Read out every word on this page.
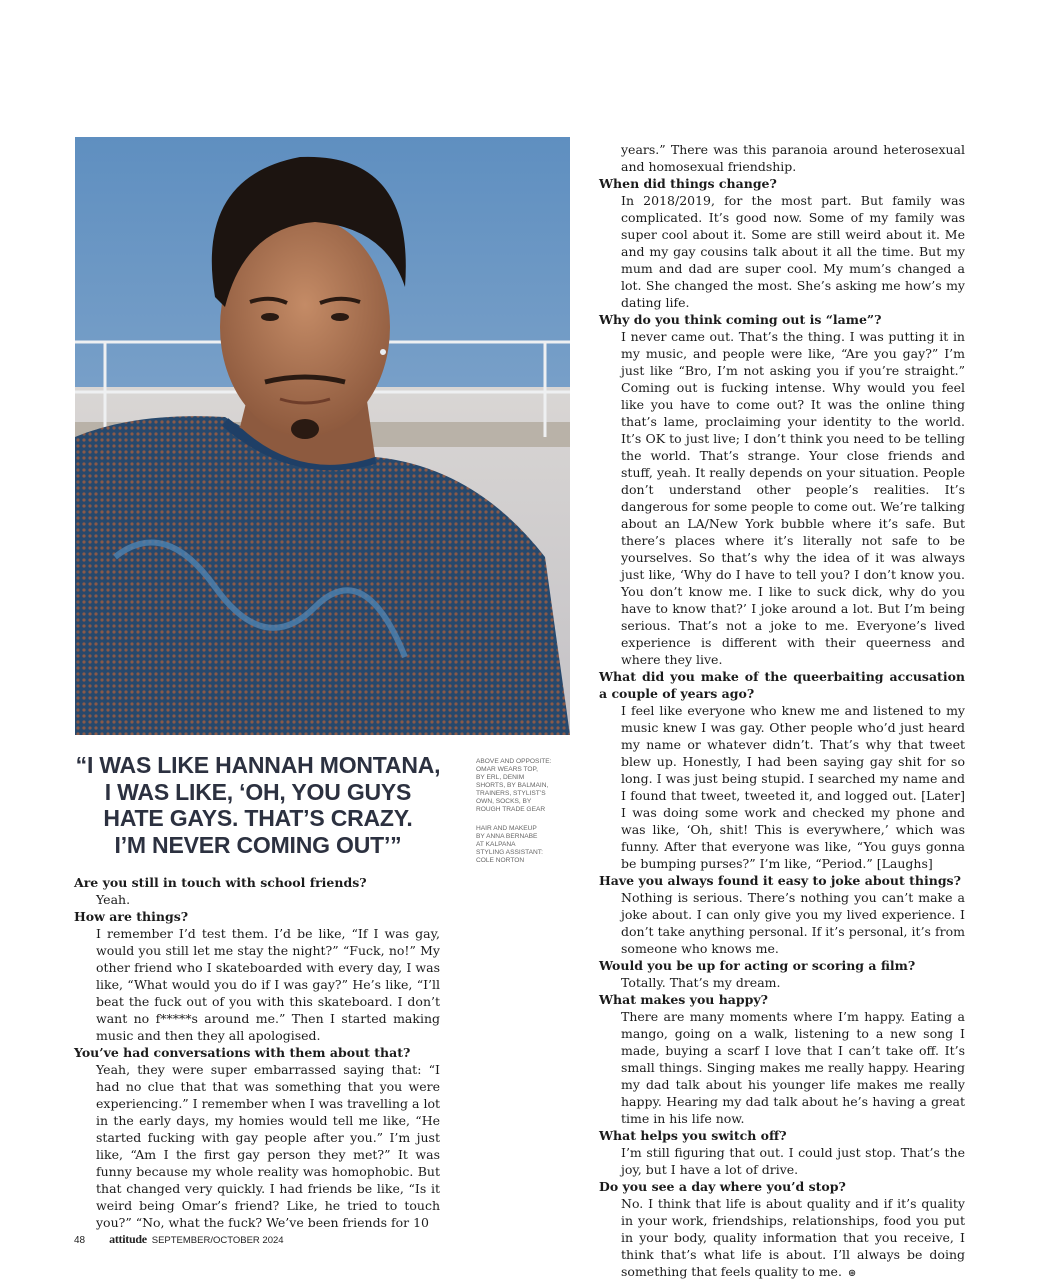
“I WAS LIKE HANNAH MONTANA,
I WAS LIKE, ‘OH, YOU GUYS
HATE GAYS. THAT’S CRAZY.
I’M NEVER COMING OUT’”

ABOVE AND OPPOSITE:
OMAR WEARS TOP,
BY ERL, DENIM
SHORTS, BY BALMAIN,
TRAINERS, STYLIST’S
OWN, SOCKS, BY
ROUGH TRADE GEAR

HAIR AND MAKEUP
BY ANNA BERNABE
AT KALPANA
STYLING ASSISTANT:
COLE NORTON

Are you still in touch with school friends?

Yeah.

How are things?

I remember I’d test them. I’d be like, “If I was gay, would you still let me stay the night?” “Fuck, no!” My other friend who I skateboarded with every day, I was like, “What would you do if I was gay?” He’s like, “I’ll beat the fuck out of you with this skateboard. I don’t want no f*****s around me.” Then I started making music and then they all apologised.

You’ve had conversations with them about that?

Yeah, they were super embarrassed saying that: “I had no clue that that was something that you were experiencing.” I remember when I was travelling a lot in the early days, my homies would tell me like, “He started fucking with gay people after you.” I’m just like, “Am I the first gay person they met?” It was funny because my whole reality was homophobic. But that changed very quickly. I had friends be like, “Is it weird being Omar’s friend? Like, he tried to touch you?” “No, what the fuck? We’ve been friends for 10

years.” There was this paranoia around heterosexual and homosexual friendship.

When did things change?

In 2018/2019, for the most part. But family was complicated. It’s good now. Some of my family was super cool about it. Some are still weird about it. Me and my gay cousins talk about it all the time. But my mum and dad are super cool. My mum’s changed a lot. She changed the most. She’s asking me how’s my dating life.

Why do you think coming out is “lame”?

I never came out. That’s the thing. I was putting it in my music, and people were like, “Are you gay?” I’m just like “Bro, I’m not asking you if you’re straight.” Coming out is fucking intense. Why would you feel like you have to come out? It was the online thing that’s lame, proclaiming your identity to the world. It’s OK to just live; I don’t think you need to be telling the world. That’s strange. Your close friends and stuff, yeah. It really depends on your situation. People don’t understand other people’s realities. It’s dangerous for some people to come out. We’re talking about an LA/New York bubble where it’s safe. But there’s places where it’s literally not safe to be yourselves. So that’s why the idea of it was always just like, ‘Why do I have to tell you? I don’t know you. You don’t know me. I like to suck dick, why do you have to know that?’ I joke around a lot. But I’m being serious. That’s not a joke to me. Everyone’s lived experience is different with their queerness and where they live.

What did you make of the queerbaiting accusation a couple of years ago?

I feel like everyone who knew me and listened to my music knew I was gay. Other people who’d just heard my name or whatever didn’t. That’s why that tweet blew up. Honestly, I had been saying gay shit for so long. I was just being stupid. I searched my name and I found that tweet, tweeted it, and logged out. [Later] I was doing some work and checked my phone and was like, ‘Oh, shit! This is everywhere,’ which was funny. After that everyone was like, “You guys gonna be bumping purses?” I’m like, “Period.” [Laughs]

Have you always found it easy to joke about things?

Nothing is serious. There’s nothing you can’t make a joke about. I can only give you my lived experience. I don’t take anything personal. If it’s personal, it’s from someone who knows me.

Would you be up for acting or scoring a film?

Totally. That’s my dream.

What makes you happy?

There are many moments where I’m happy. Eating a mango, going on a walk, listening to a new song I made, buying a scarf I love that I can’t take off. It’s small things. Singing makes me really happy. Hearing my dad talk about his younger life makes me really happy. Hearing my dad talk about he’s having a great time in his life now.

What helps you switch off?

I’m still figuring that out. I could just stop. That’s the joy, but I have a lot of drive.

Do you see a day where you’d stop?

No. I think that life is about quality and if it’s quality in your work, friendships, relationships, food you put in your body, quality information that you receive, I think that’s what life is about. I’ll always be doing something that feels quality to me. ⊛

48 attitude SEPTEMBER/OCTOBER 2024
